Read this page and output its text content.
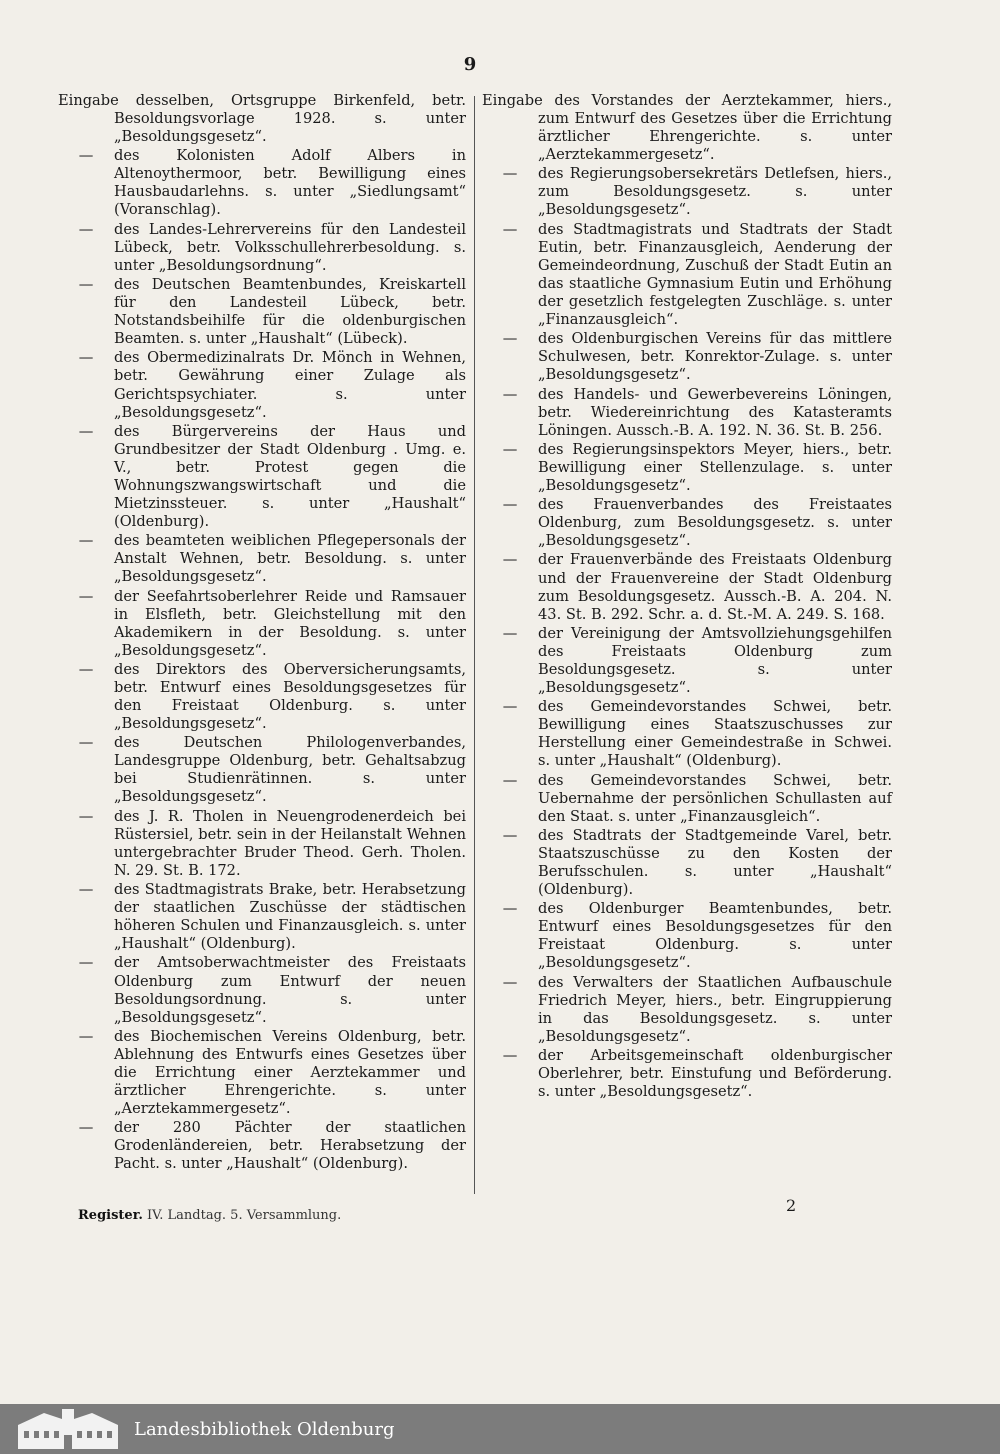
9
Eingabe desselben, Ortsgruppe Birkenfeld, betr. Besoldungsvorlage 1928. s. unter „Besoldungsgesetz“.
—	des Kolonisten Adolf Albers in Altenoythermoor, betr. Bewilligung eines Hausbaudarlehns. s. unter „Siedlungsamt“ (Voranschlag).
—	des Landes-Lehrervereins für den Landesteil Lübeck, betr. Volksschullehrerbesoldung. s. unter „Besoldungsordnung“.
—	des Deutschen Beamtenbundes, Kreiskartell für den Landesteil Lübeck, betr. Notstandsbeihilfe für die oldenburgischen Beamten. s. unter „Haushalt“ (Lübeck).
—	des Obermedizinalrats Dr. Mönch in Wehnen, betr. Gewährung einer Zulage als Gerichtspsychiater. s. unter „Besoldungsgesetz“.
—	des Bürgervereins der Haus und Grundbesitzer der Stadt Oldenburg . Umg. e. V., betr. Protest gegen die Wohnungszwangswirtschaft und die Mietzinssteuer. s. unter „Haushalt“ (Oldenburg).
—	des beamteten weiblichen Pflegepersonals der Anstalt Wehnen, betr. Besoldung. s. unter „Besoldungsgesetz“.
—	der Seefahrtsoberlehrer Reide und Ramsauer in Elsfleth, betr. Gleichstellung mit den Akademikern in der Besoldung. s. unter „Besoldungsgesetz“.
—	des Direktors des Oberversicherungsamts, betr. Entwurf eines Besoldungsgesetzes für den Freistaat Oldenburg. s. unter „Besoldungsgesetz“.
—	des Deutschen Philologenverbandes, Landesgruppe Oldenburg, betr. Gehaltsabzug bei Studienrätinnen. s. unter „Besoldungsgesetz“.
—	des J. R. Tholen in Neuengrodenerdeich bei Rüstersiel, betr. sein in der Heilanstalt Wehnen untergebrachter Bruder Theod. Gerh. Tholen. N. 29. St. B. 172.
—	des Stadtmagistrats Brake, betr. Herabsetzung der staatlichen Zuschüsse der städtischen höheren Schulen und Finanzausgleich. s. unter „Haushalt“ (Oldenburg).
—	der Amtsoberwachtmeister des Freistaats Oldenburg zum Entwurf der neuen Besoldungsordnung. s. unter „Besoldungsgesetz“.
—	des Biochemischen Vereins Oldenburg, betr. Ablehnung des Entwurfs eines Gesetzes über die Errichtung einer Aerztekammer und ärztlicher Ehrengerichte. s. unter „Aerztekammergesetz“.
—	der 280 Pächter der staatlichen Grodenländereien, betr. Herabsetzung der Pacht. s. unter „Haushalt“ (Oldenburg).
Eingabe des Vorstandes der Aerztekammer, hiers., zum Entwurf des Gesetzes über die Errichtung ärztlicher Ehrengerichte. s. unter „Aerztekammergesetz“.
—	des Regierungsobersekretärs Detlefsen, hiers., zum Besoldungsgesetz. s. unter „Besoldungsgesetz“.
—	des Stadtmagistrats und Stadtrats der Stadt Eutin, betr. Finanzausgleich, Aenderung der Gemeindeordnung, Zuschuß der Stadt Eutin an das staatliche Gymnasium Eutin und Erhöhung der gesetzlich festgelegten Zuschläge. s. unter „Finanzausgleich“.
—	des Oldenburgischen Vereins für das mittlere Schulwesen, betr. Konrektor-Zulage. s. unter „Besoldungsgesetz“.
—	des Handels- und Gewerbevereins Löningen, betr. Wiedereinrichtung des Katasteramts Löningen. Aussch.-B. A. 192. N. 36. St. B. 256.
—	des Regierungsinspektors Meyer, hiers., betr. Bewilligung einer Stellenzulage. s. unter „Besoldungsgesetz“.
—	des Frauenverbandes des Freistaates Oldenburg, zum Besoldungsgesetz. s. unter „Besoldungsgesetz“.
—	der Frauenverbände des Freistaats Oldenburg und der Frauenvereine der Stadt Oldenburg zum Besoldungsgesetz. Aussch.-B. A. 204. N. 43. St. B. 292. Schr. a. d. St.-M. A. 249. S. 168.
—	der Vereinigung der Amtsvollziehungsgehilfen des Freistaats Oldenburg zum Besoldungsgesetz. s. unter „Besoldungsgesetz“.
—	des Gemeindevorstandes Schwei, betr. Bewilligung eines Staatszuschusses zur Herstellung einer Gemeindestraße in Schwei. s. unter „Haushalt“ (Oldenburg).
—	des Gemeindevorstandes Schwei, betr. Uebernahme der persönlichen Schullasten auf den Staat. s. unter „Finanzausgleich“.
—	des Stadtrats der Stadtgemeinde Varel, betr. Staatszuschüsse zu den Kosten der Berufsschulen. s. unter „Haushalt“ (Oldenburg).
—	des Oldenburger Beamtenbundes, betr. Entwurf eines Besoldungsgesetzes für den Freistaat Oldenburg. s. unter „Besoldungsgesetz“.
—	des Verwalters der Staatlichen Aufbauschule Friedrich Meyer, hiers., betr. Eingruppierung in das Besoldungsgesetz. s. unter „Besoldungsgesetz“.
—	der Arbeitsgemeinschaft oldenburgischer Oberlehrer, betr. Einstufung und Beförderung. s. unter „Besoldungsgesetz“.
2
Register. IV. Landtag. 5. Versammlung.
Landesbibliothek Oldenburg
